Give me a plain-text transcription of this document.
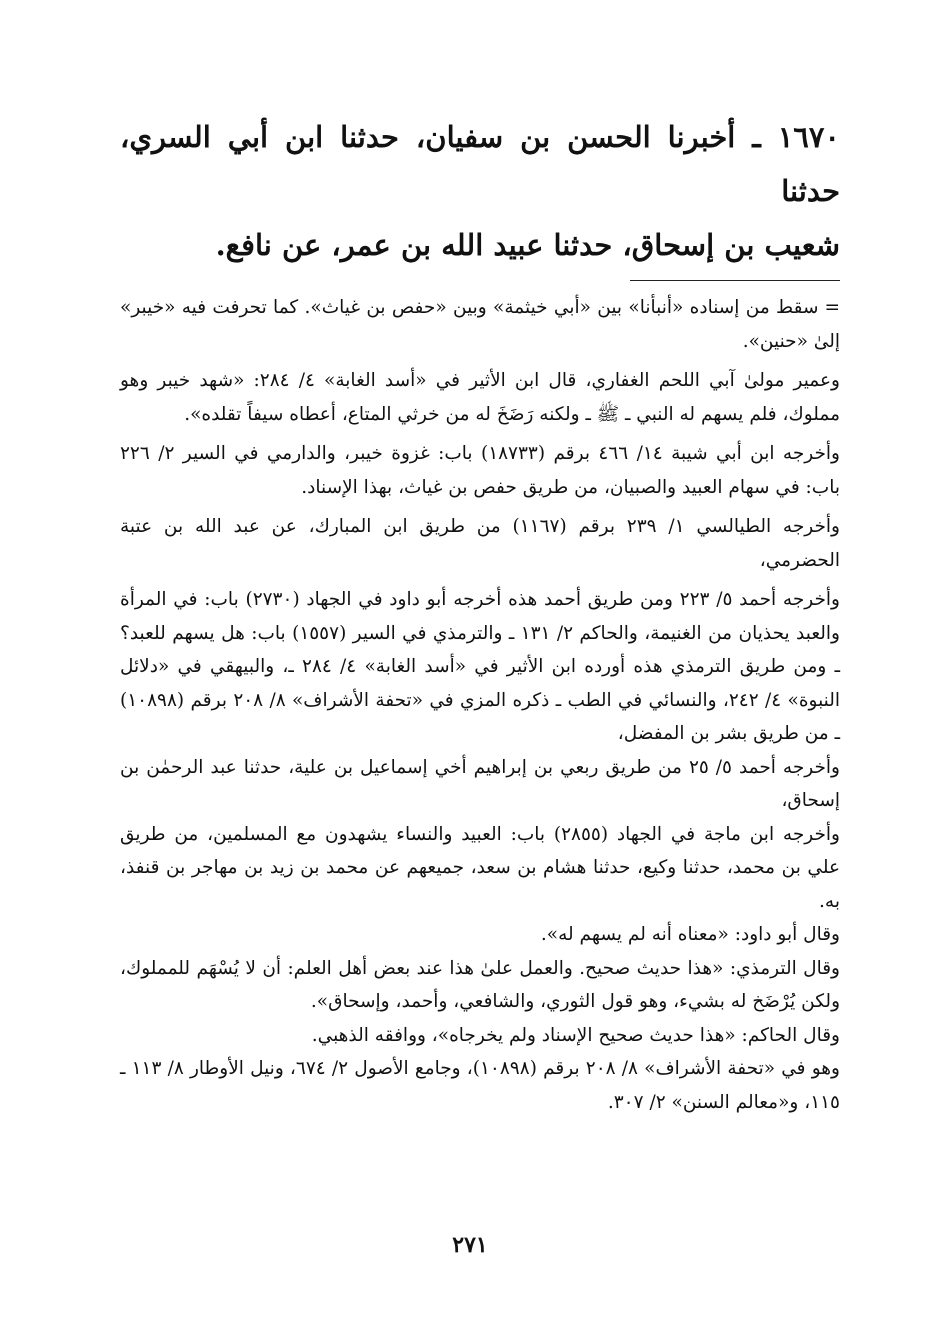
١٦٧٠ ـ أخبرنا الحسن بن سفيان، حدثنا ابن أبي السري، حدثنا
شعيب بن إسحاق، حدثنا عبيد الله بن عمر، عن نافع.

=سقط من إسناده «أنبأنا» بين «أبي خيثمة» وبين «حفص بن غياث». كما تحرفت فيه «خيبر» إلىٰ «حنين».

وعمير مولىٰ آبي اللحم الغفاري، قال ابن الأثير في «أسد الغابة» ٤/ ٢٨٤: «شهد خيبر وهو مملوك، فلم يسهم له النبي ـ ﷺ ـ ولكنه رَضَخَ له من خرثي المتاع، أعطاه سيفاً تقلده».

وأخرجه ابن أبي شيبة ١٤/ ٤٦٦ برقم (١٨٧٣٣) باب: غزوة خيبر، والدارمي في السير ٢/ ٢٢٦ باب: في سهام العبيد والصبيان، من طريق حفص بن غياث، بهذا الإسناد.

وأخرجه الطيالسي ١/ ٢٣٩ برقم (١١٦٧) من طريق ابن المبارك، عن عبد الله بن عتبة الحضرمي،

وأخرجه أحمد ٥/ ٢٢٣ ومن طريق أحمد هذه أخرجه أبو داود في الجهاد (٢٧٣٠) باب: في المرأة والعبد يحذيان من الغنيمة، والحاكم ٢/ ١٣١ ـ والترمذي في السير (١٥٥٧) باب: هل يسهم للعبد؟ ـ ومن طريق الترمذي هذه أورده ابن الأثير في «أسد الغابة» ٤/ ٢٨٤ ـ، والبيهقي في «دلائل النبوة» ٤/ ٢٤٢، والنسائي في الطب ـ ذكره المزي في «تحفة الأشراف» ٨/ ٢٠٨ برقم (١٠٨٩٨) ـ من طريق بشر بن المفضل،

وأخرجه أحمد ٥/ ٢٥ من طريق ربعي بن إبراهيم أخي إسماعيل بن علية، حدثنا عبد الرحمٰن بن إسحاق،

وأخرجه ابن ماجة في الجهاد (٢٨٥٥) باب: العبيد والنساء يشهدون مع المسلمين، من طريق علي بن محمد، حدثنا وكيع، حدثنا هشام بن سعد، جميعهم عن محمد بن زيد بن مهاجر بن قنفذ، به.

وقال أبو داود: «معناه أنه لم يسهم له».

وقال الترمذي: «هذا حديث صحيح. والعمل علىٰ هذا عند بعض أهل العلم: أن لا يُسْهَم للمملوك، ولكن يُرْضَخ له بشيء، وهو قول الثوري، والشافعي، وأحمد، وإسحاق».

وقال الحاكم: «هذا حديث صحيح الإسناد ولم يخرجاه»، ووافقه الذهبي.

وهو في «تحفة الأشراف» ٨/ ٢٠٨ برقم (١٠٨٩٨)، وجامع الأصول ٢/ ٦٧٤، ونيل الأوطار ٨/ ١١٣ ـ ١١٥، و«معالم السنن» ٢/ ٣٠٧.

٢٧١
